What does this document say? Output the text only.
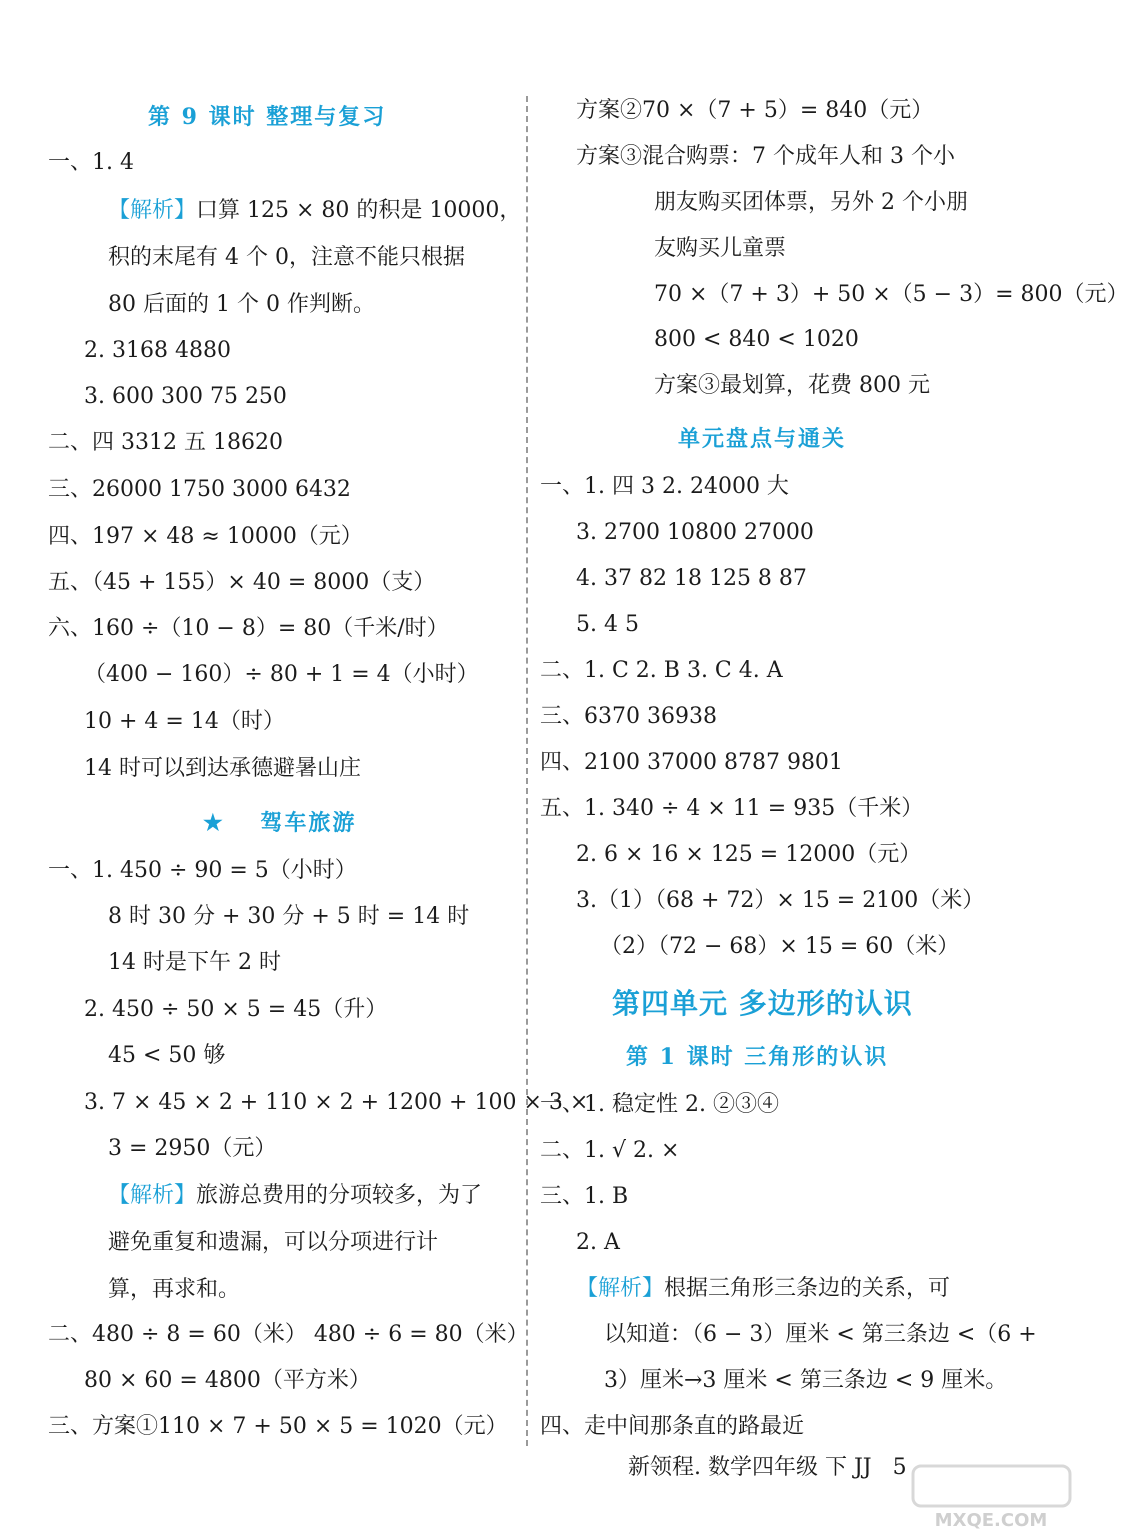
第 9 课时 整理与复习
一、1. 4
【解析】口算 125 × 80 的积是 10000，
积的末尾有 4 个 0，注意不能只根据
80 后面的 1 个 0 作判断。
2. 3168 4880
3. 600 300 75 250
二、四 3312 五 18620
三、26000 1750 3000 6432
四、197 × 48 ≈ 10000（元）
五、（45 + 155）× 40 = 8000（支）
六、160 ÷（10 − 8）= 80（千米/时）
（400 − 160）÷ 80 + 1 = 4（小时）
10 + 4 = 14（时）
14 时可以到达承德避暑山庄
★ 驾车旅游
一、1. 450 ÷ 90 = 5（小时）
8 时 30 分 + 30 分 + 5 时 = 14 时
14 时是下午 2 时
2. 450 ÷ 50 × 5 = 45（升）
45 < 50 够
3. 7 × 45 × 2 + 110 × 2 + 1200 + 100 × 3 ×
3 = 2950（元）
【解析】旅游总费用的分项较多，为了
避免重复和遗漏，可以分项进行计
算，再求和。
二、480 ÷ 8 = 60（米） 480 ÷ 6 = 80（米）
80 × 60 = 4800（平方米）
三、方案①110 × 7 + 50 × 5 = 1020（元）
方案②70 ×（7 + 5）= 840（元）
方案③混合购票：7 个成年人和 3 个小
朋友购买团体票，另外 2 个小朋
友购买儿童票
70 ×（7 + 3）+ 50 ×（5 − 3）= 800（元）
800 < 840 < 1020
方案③最划算，花费 800 元
单元盘点与通关
一、1. 四 3 2. 24000 大
3. 2700 10800 27000
4. 37 82 18 125 8 87
5. 4 5
二、1. C 2. B 3. C 4. A
三、6370 36938
四、2100 37000 8787 9801
五、1. 340 ÷ 4 × 11 = 935（千米）
2. 6 × 16 × 125 = 12000（元）
3.（1）（68 + 72）× 15 = 2100（米）
（2）（72 − 68）× 15 = 60（米）
第四单元 多边形的认识
第 1 课时 三角形的认识
一、1. 稳定性 2. ②③④
二、1. √ 2. ×
三、1. B
2. A
【解析】根据三角形三条边的关系，可
以知道：（6 − 3）厘米 < 第三条边 <（6 +
3）厘米→3 厘米 < 第三条边 < 9 厘米。
四、走中间那条直的路最近
新领程. 数学四年级 下 JJ 5
MXQE.COM
